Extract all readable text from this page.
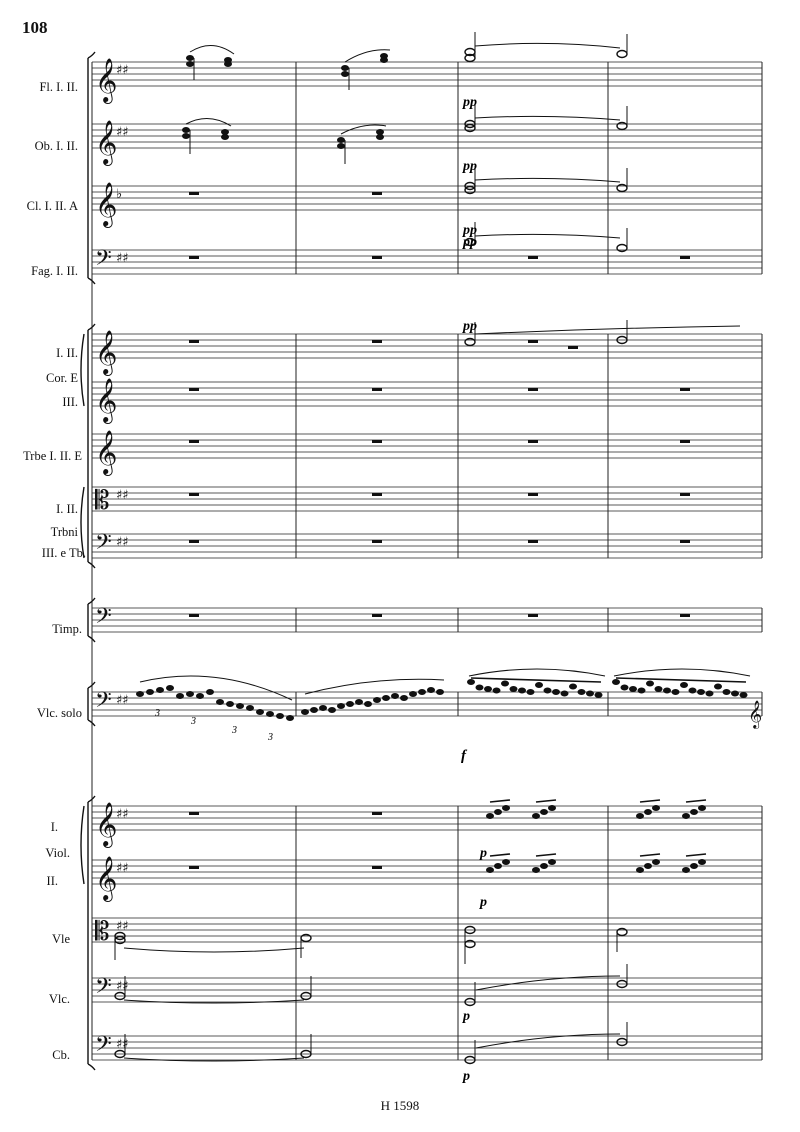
108
H 1598
Fl. I. II.
Ob. I. II.
Cl. I. II. A
Fag. I. II.
I. II.
Cor. E
III.
Trbe I. II. E
I. II.
Trbni
III. e Tb.
Timp.
Vlc. solo
I.
Viol.
II.
Vle
Vlc.
Cb.
𝄞
𝄞
𝄞
𝄢
𝄞
𝄞
𝄞
𝄡
𝄢
𝄢
𝄢
𝄞
𝄞
𝄡
𝄢
𝄢
𝄞
♯♯
♯♯
♭
♯♯
♯♯
♯♯
♯♯
♯♯
♯♯
♯♯
♯♯
♯♯
pp
pp
pp
pp
pp
f
p
p
p
p
3
3
3
3
